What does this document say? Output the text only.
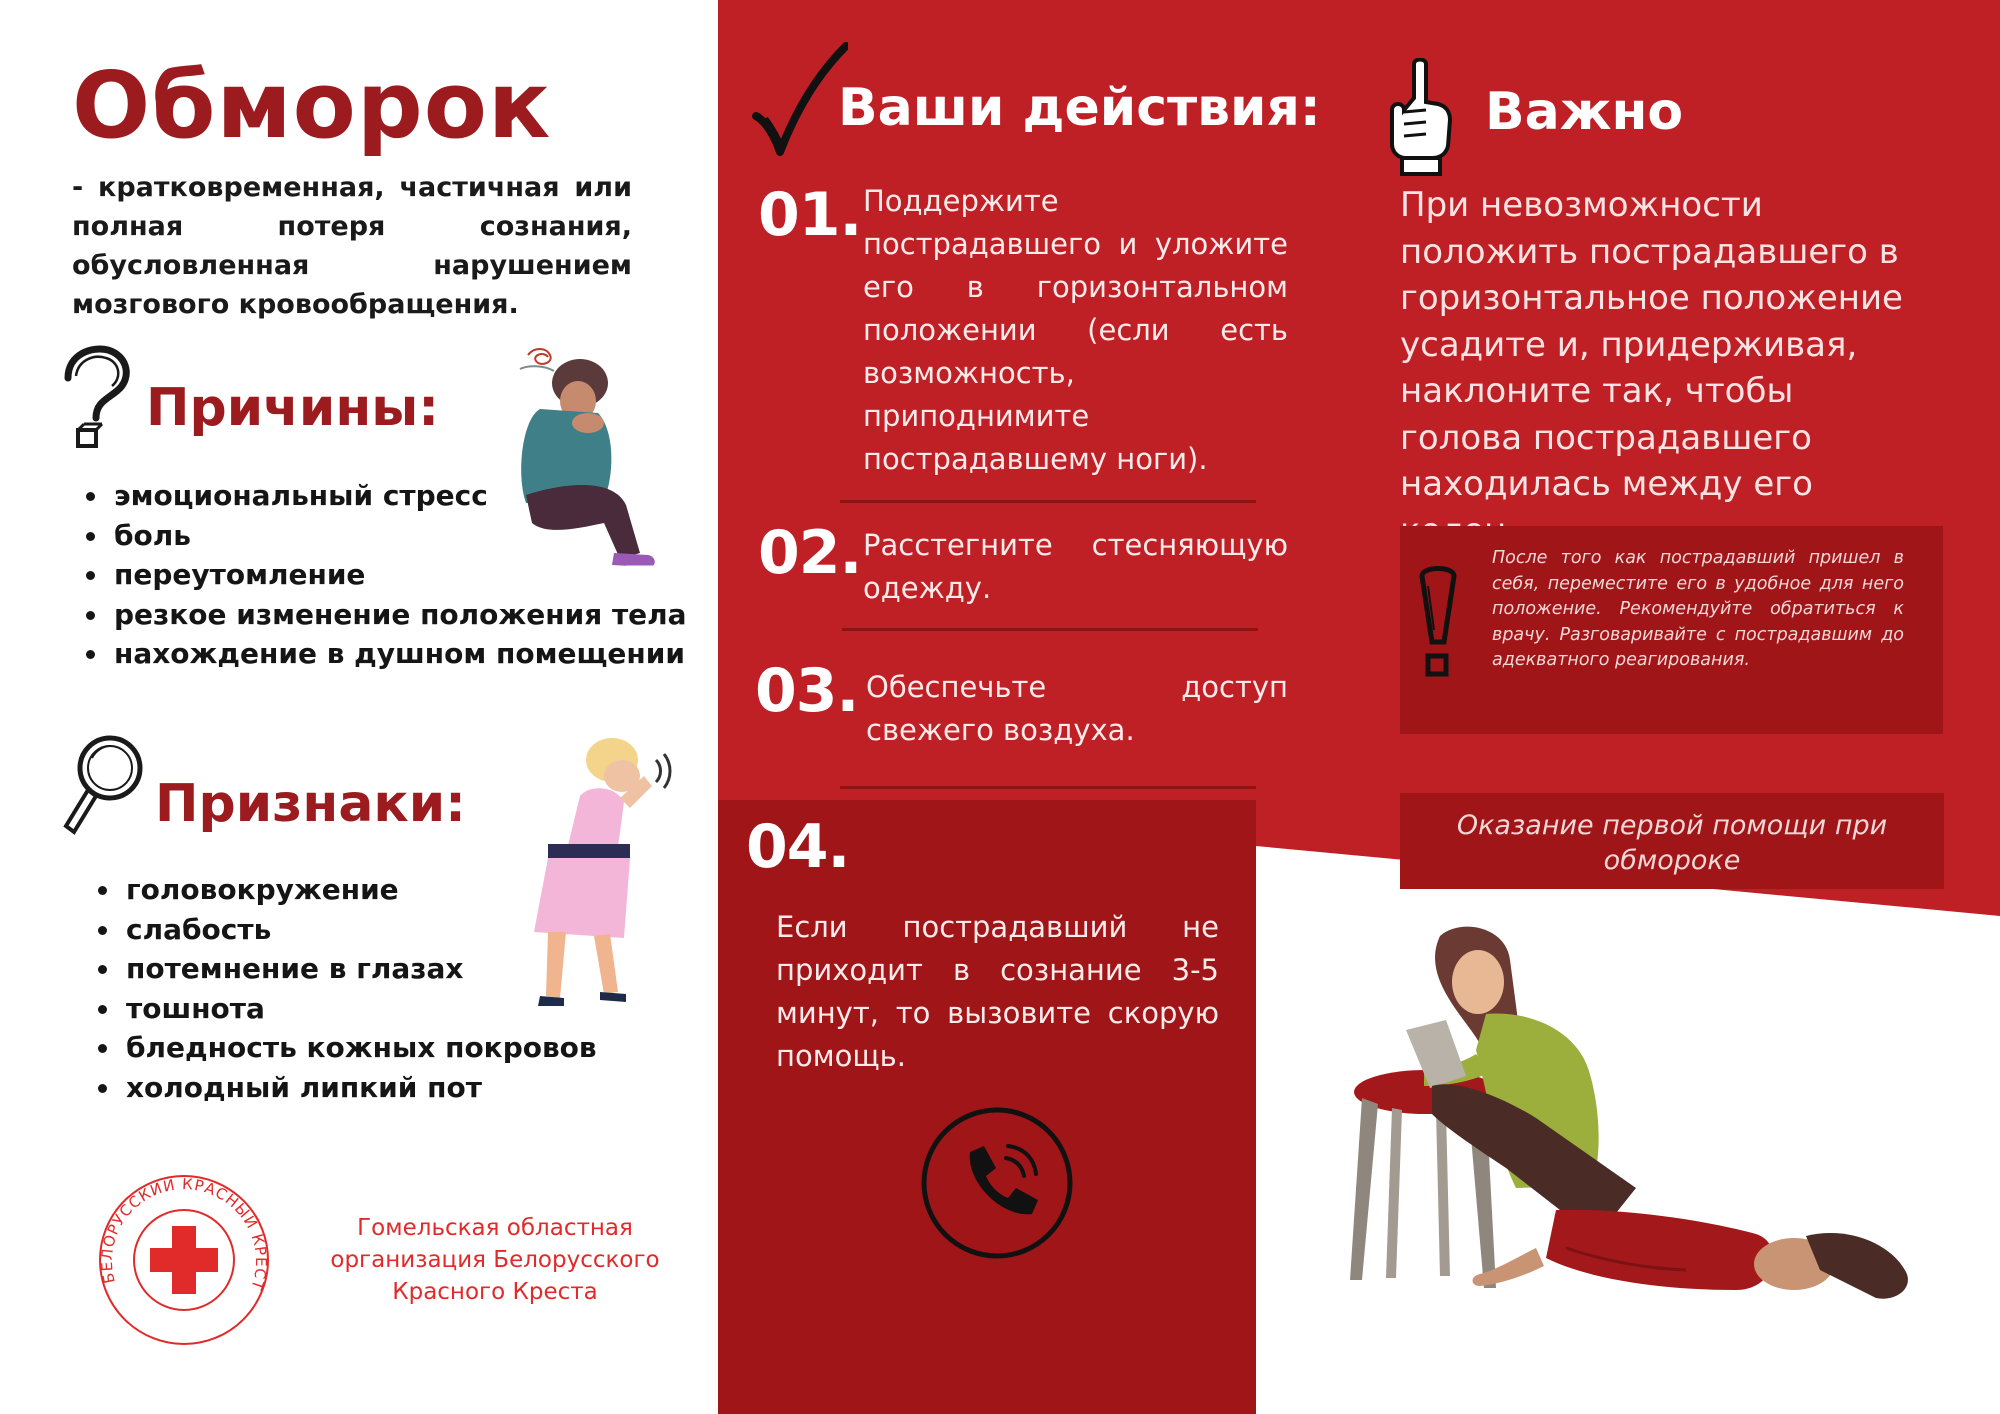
Обморок

- кратковременная, частичная или полная потеря сознания, обусловленная нарушением мозгового кровообращения.

Причины:
• эмоциональный стресс
• боль
• переутомление
• резкое изменение положения тела
• нахождение в душном помещении
Признаки:
• головокружение
• слабость
• потемнение в глазах
• тошнота
• бледность кожных покровов
• холодный липкий пот
БЕЛОРУССКИЙ КРАСНЫЙ КРЕСТ
Гомельская областная организация Белорусского Красного Креста
Ваши действия:
01. Поддержите пострадавшего и уложите его в горизонтальном положении (если есть возможность, приподнимите пострадавшему ноги).
02. Расстегните стесняющую одежду.
03. Обеспечьте доступ свежего воздуха.
04.
Если пострадавший не приходит в сознание 3-5 минут, то вызовите скорую помощь.
Важно
При невозможности положить пострадавшего в горизонтальное положение усадите и, придерживая, наклоните так, чтобы голова пострадавшего находилась между его
После того как пострадавший пришел в себя, переместите его в удобное для него положение. Рекомендуйте обратиться к врачу. Разговаривайте с пострадавшим до адекватного реагирования.
Оказание первой помощи при обмороке
